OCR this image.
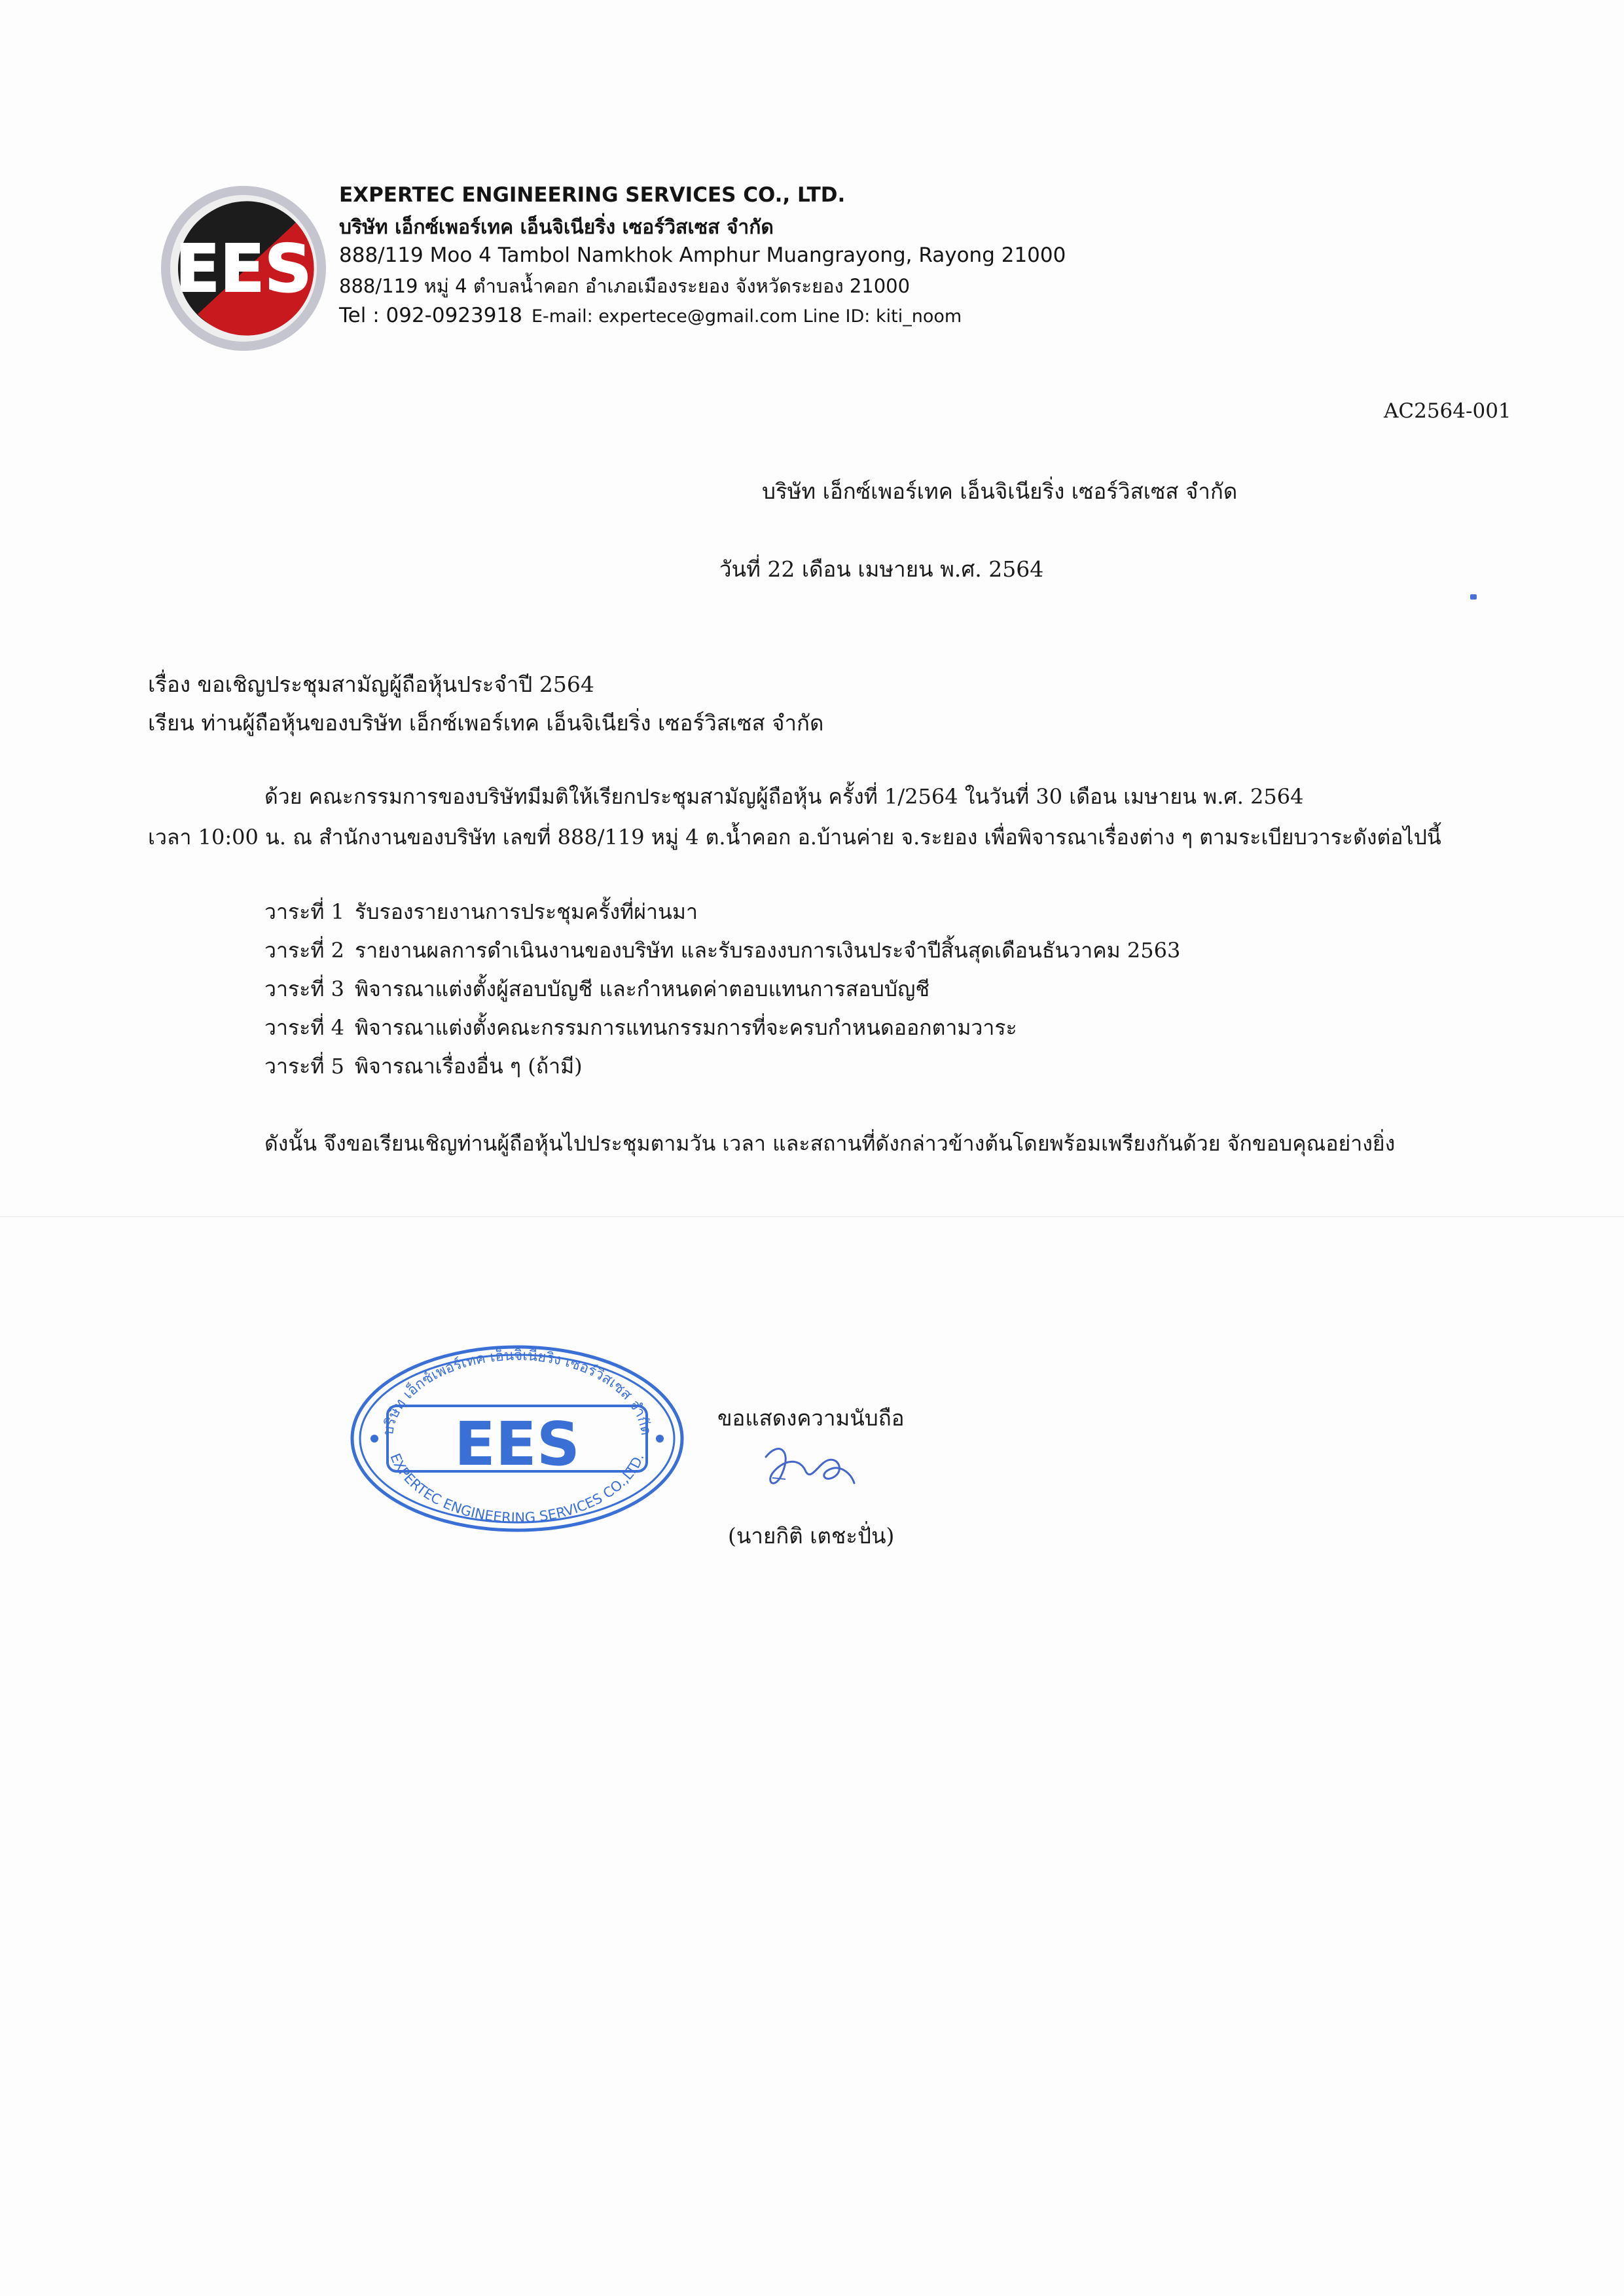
EES
EXPERTEC ENGINEERING SERVICES CO., LTD.
บริษัท เอ็กซ์เพอร์เทค เอ็นจิเนียริ่ง เซอร์วิสเซส จำกัด
888/119 Moo 4 Tambol Namkhok Amphur Muangrayong, Rayong 21000
888/119 หมู่ 4 ตำบลน้ำคอก อำเภอเมืองระยอง จังหวัดระยอง 21000
Tel : 092-0923918 E-mail: expertece@gmail.com Line ID: kiti_noom
AC2564-001
บริษัท เอ็กซ์เพอร์เทค เอ็นจิเนียริ่ง เซอร์วิสเซส จำกัด
วันที่ 22 เดือน เมษายน พ.ศ. 2564
เรื่อง ขอเชิญประชุมสามัญผู้ถือหุ้นประจำปี 2564
เรียน ท่านผู้ถือหุ้นของบริษัท เอ็กซ์เพอร์เทค เอ็นจิเนียริ่ง เซอร์วิสเซส จำกัด
ด้วย คณะกรรมการของบริษัทมีมติให้เรียกประชุมสามัญผู้ถือหุ้น ครั้งที่ 1/2564 ในวันที่ 30 เดือน เมษายน พ.ศ. 2564
เวลา 10:00 น. ณ สำนักงานของบริษัท เลขที่ 888/119 หมู่ 4 ต.น้ำคอก อ.บ้านค่าย จ.ระยอง เพื่อพิจารณาเรื่องต่าง ๆ ตามระเบียบวาระดังต่อไปนี้
วาระที่ 1 รับรองรายงานการประชุมครั้งที่ผ่านมา
วาระที่ 2 รายงานผลการดำเนินงานของบริษัท และรับรองงบการเงินประจำปีสิ้นสุดเดือนธันวาคม 2563
วาระที่ 3 พิจารณาแต่งตั้งผู้สอบบัญชี และกำหนดค่าตอบแทนการสอบบัญชี
วาระที่ 4 พิจารณาแต่งตั้งคณะกรรมการแทนกรรมการที่จะครบกำหนดออกตามวาระ
วาระที่ 5 พิจารณาเรื่องอื่น ๆ (ถ้ามี)
ดังนั้น จึงขอเรียนเชิญท่านผู้ถือหุ้นไปประชุมตามวัน เวลา และสถานที่ดังกล่าวข้างต้นโดยพร้อมเพรียงกันด้วย จักขอบคุณอย่างยิ่ง
บริษัท เอ็กซ์เพอร์เทค เอ็นจิเนียริ่ง เซอร์วิสเซส จำกัด
EES
EXPERTEC ENGINEERING SERVICES CO.,LTD.
ขอแสดงความนับถือ
(นายกิติ เตชะปั่น)
